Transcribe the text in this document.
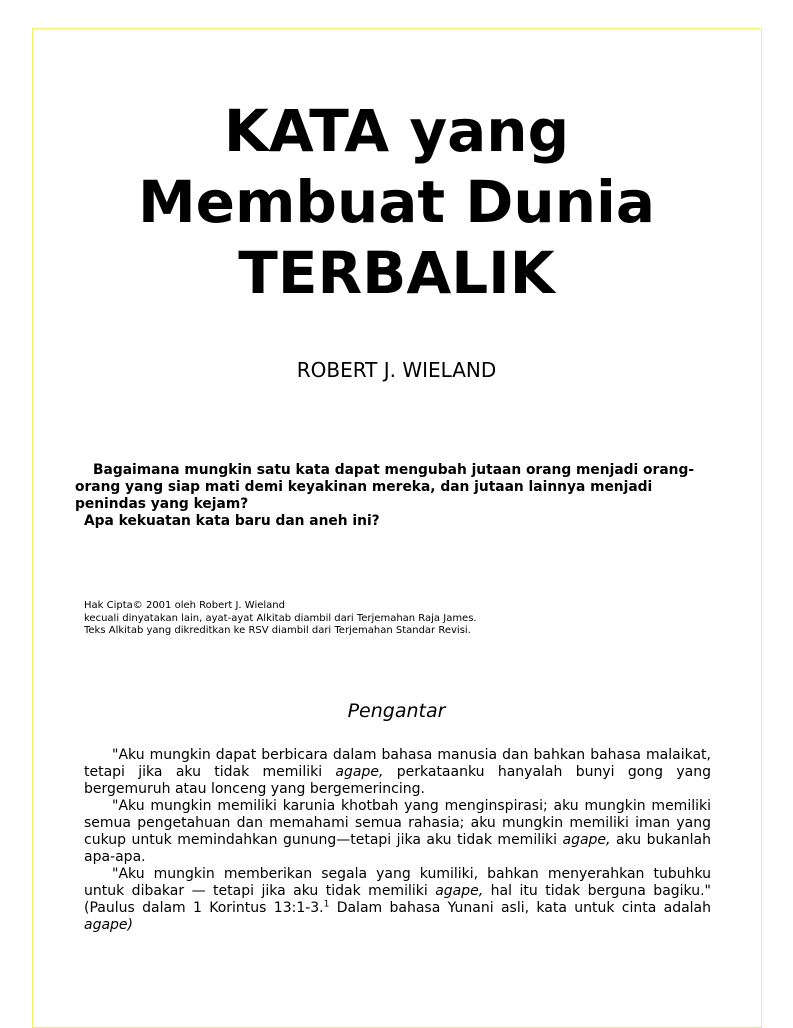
KATA yang
Membuat Dunia
TERBALIK
ROBERT J. WIELAND
Bagaimana mungkin satu kata dapat mengubah jutaan orang menjadi orang-
orang yang siap mati demi keyakinan mereka, dan jutaan lainnya menjadi
penindas yang kejam?
Apa kekuatan kata baru dan aneh ini?
Hak Cipta© 2001 oleh Robert J. Wieland
kecuali dinyatakan lain, ayat-ayat Alkitab diambil dari Terjemahan Raja James.
Teks Alkitab yang dikreditkan ke RSV diambil dari Terjemahan Standar Revisi.
Pengantar

"Aku mungkin dapat berbicara dalam bahasa manusia dan bahkan bahasa malaikat, tetapi jika aku tidak memiliki agape, perkataanku hanyalah bunyi gong yang bergemuruh atau lonceng yang bergemerincing.

"Aku mungkin memiliki karunia khotbah yang menginspirasi; aku mungkin memiliki semua pengetahuan dan memahami semua rahasia; aku mungkin memiliki iman yang cukup untuk memindahkan gunung—tetapi jika aku tidak memiliki agape, aku bukanlah apa-apa.

"Aku mungkin memberikan segala yang kumiliki, bahkan menyerahkan tubuhku untuk dibakar — tetapi jika aku tidak memiliki agape, hal itu tidak berguna bagiku." (Paulus dalam 1 Korintus 13:1-3.$^1$ Dalam bahasa Yunani asli, kata untuk cinta adalah agape)
